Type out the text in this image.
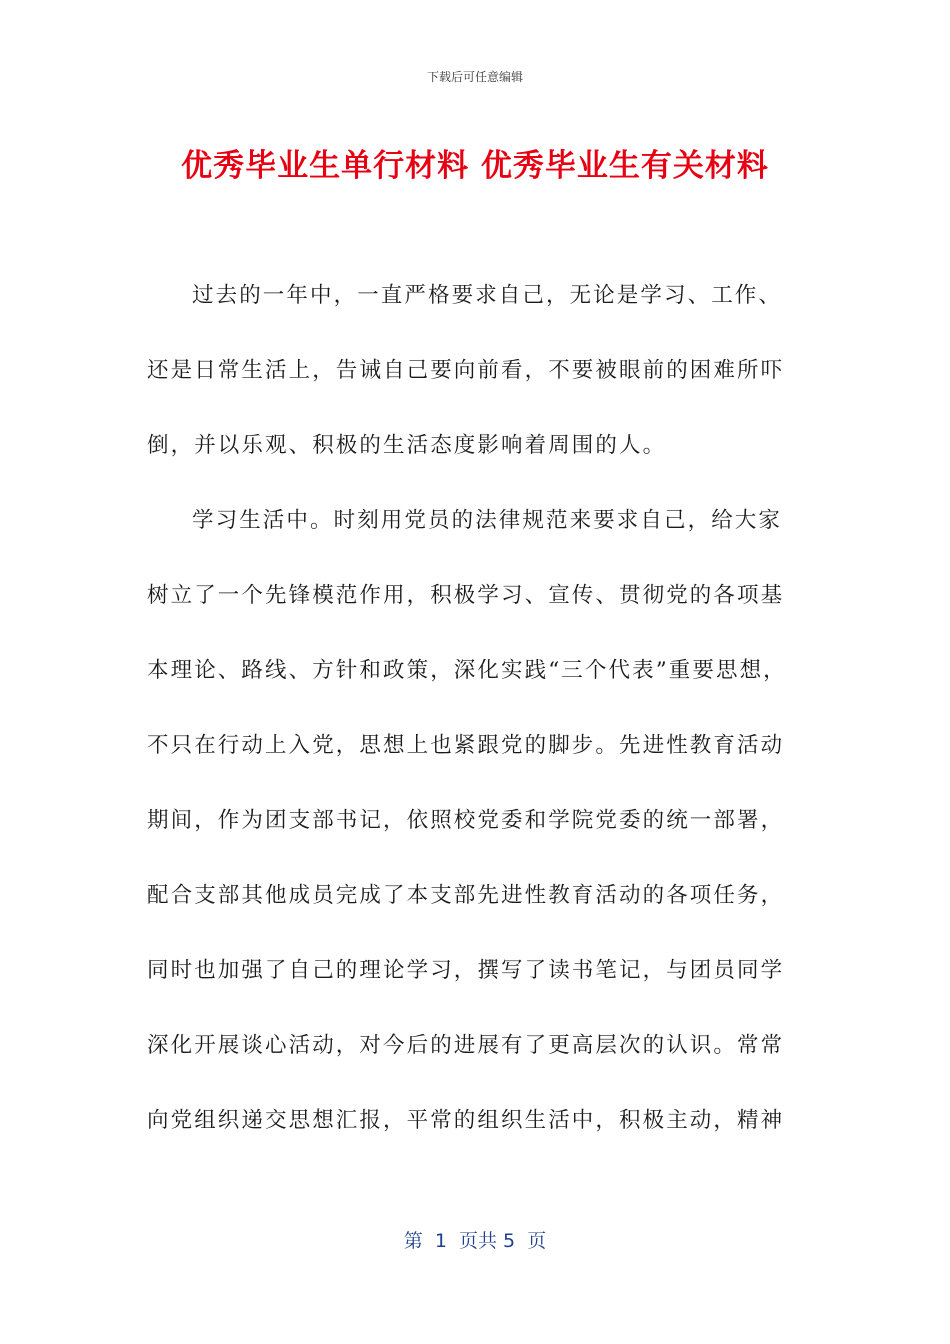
下载后可任意编辑
优秀毕业生单行材料 优秀毕业生有关材料
过去的一年中，一直严格要求自己，无论是学习、工作、
还是日常生活上，告诫自己要向前看，不要被眼前的困难所吓
倒，并以乐观、积极的生活态度影响着周围的人。
学习生活中。时刻用党员的法律规范来要求自己，给大家
树立了一个先锋模范作用，积极学习、宣传、贯彻党的各项基
本理论、路线、方针和政策，深化实践“三个代表”重要思想，
不只在行动上入党，思想上也紧跟党的脚步。先进性教育活动
期间，作为团支部书记，依照校党委和学院党委的统一部署，
配合支部其他成员完成了本支部先进性教育活动的各项任务，
同时也加强了自己的理论学习，撰写了读书笔记，与团员同学
深化开展谈心活动，对今后的进展有了更高层次的认识。常常
向党组织递交思想汇报，平常的组织生活中，积极主动，精神
第  1  页共 5  页
